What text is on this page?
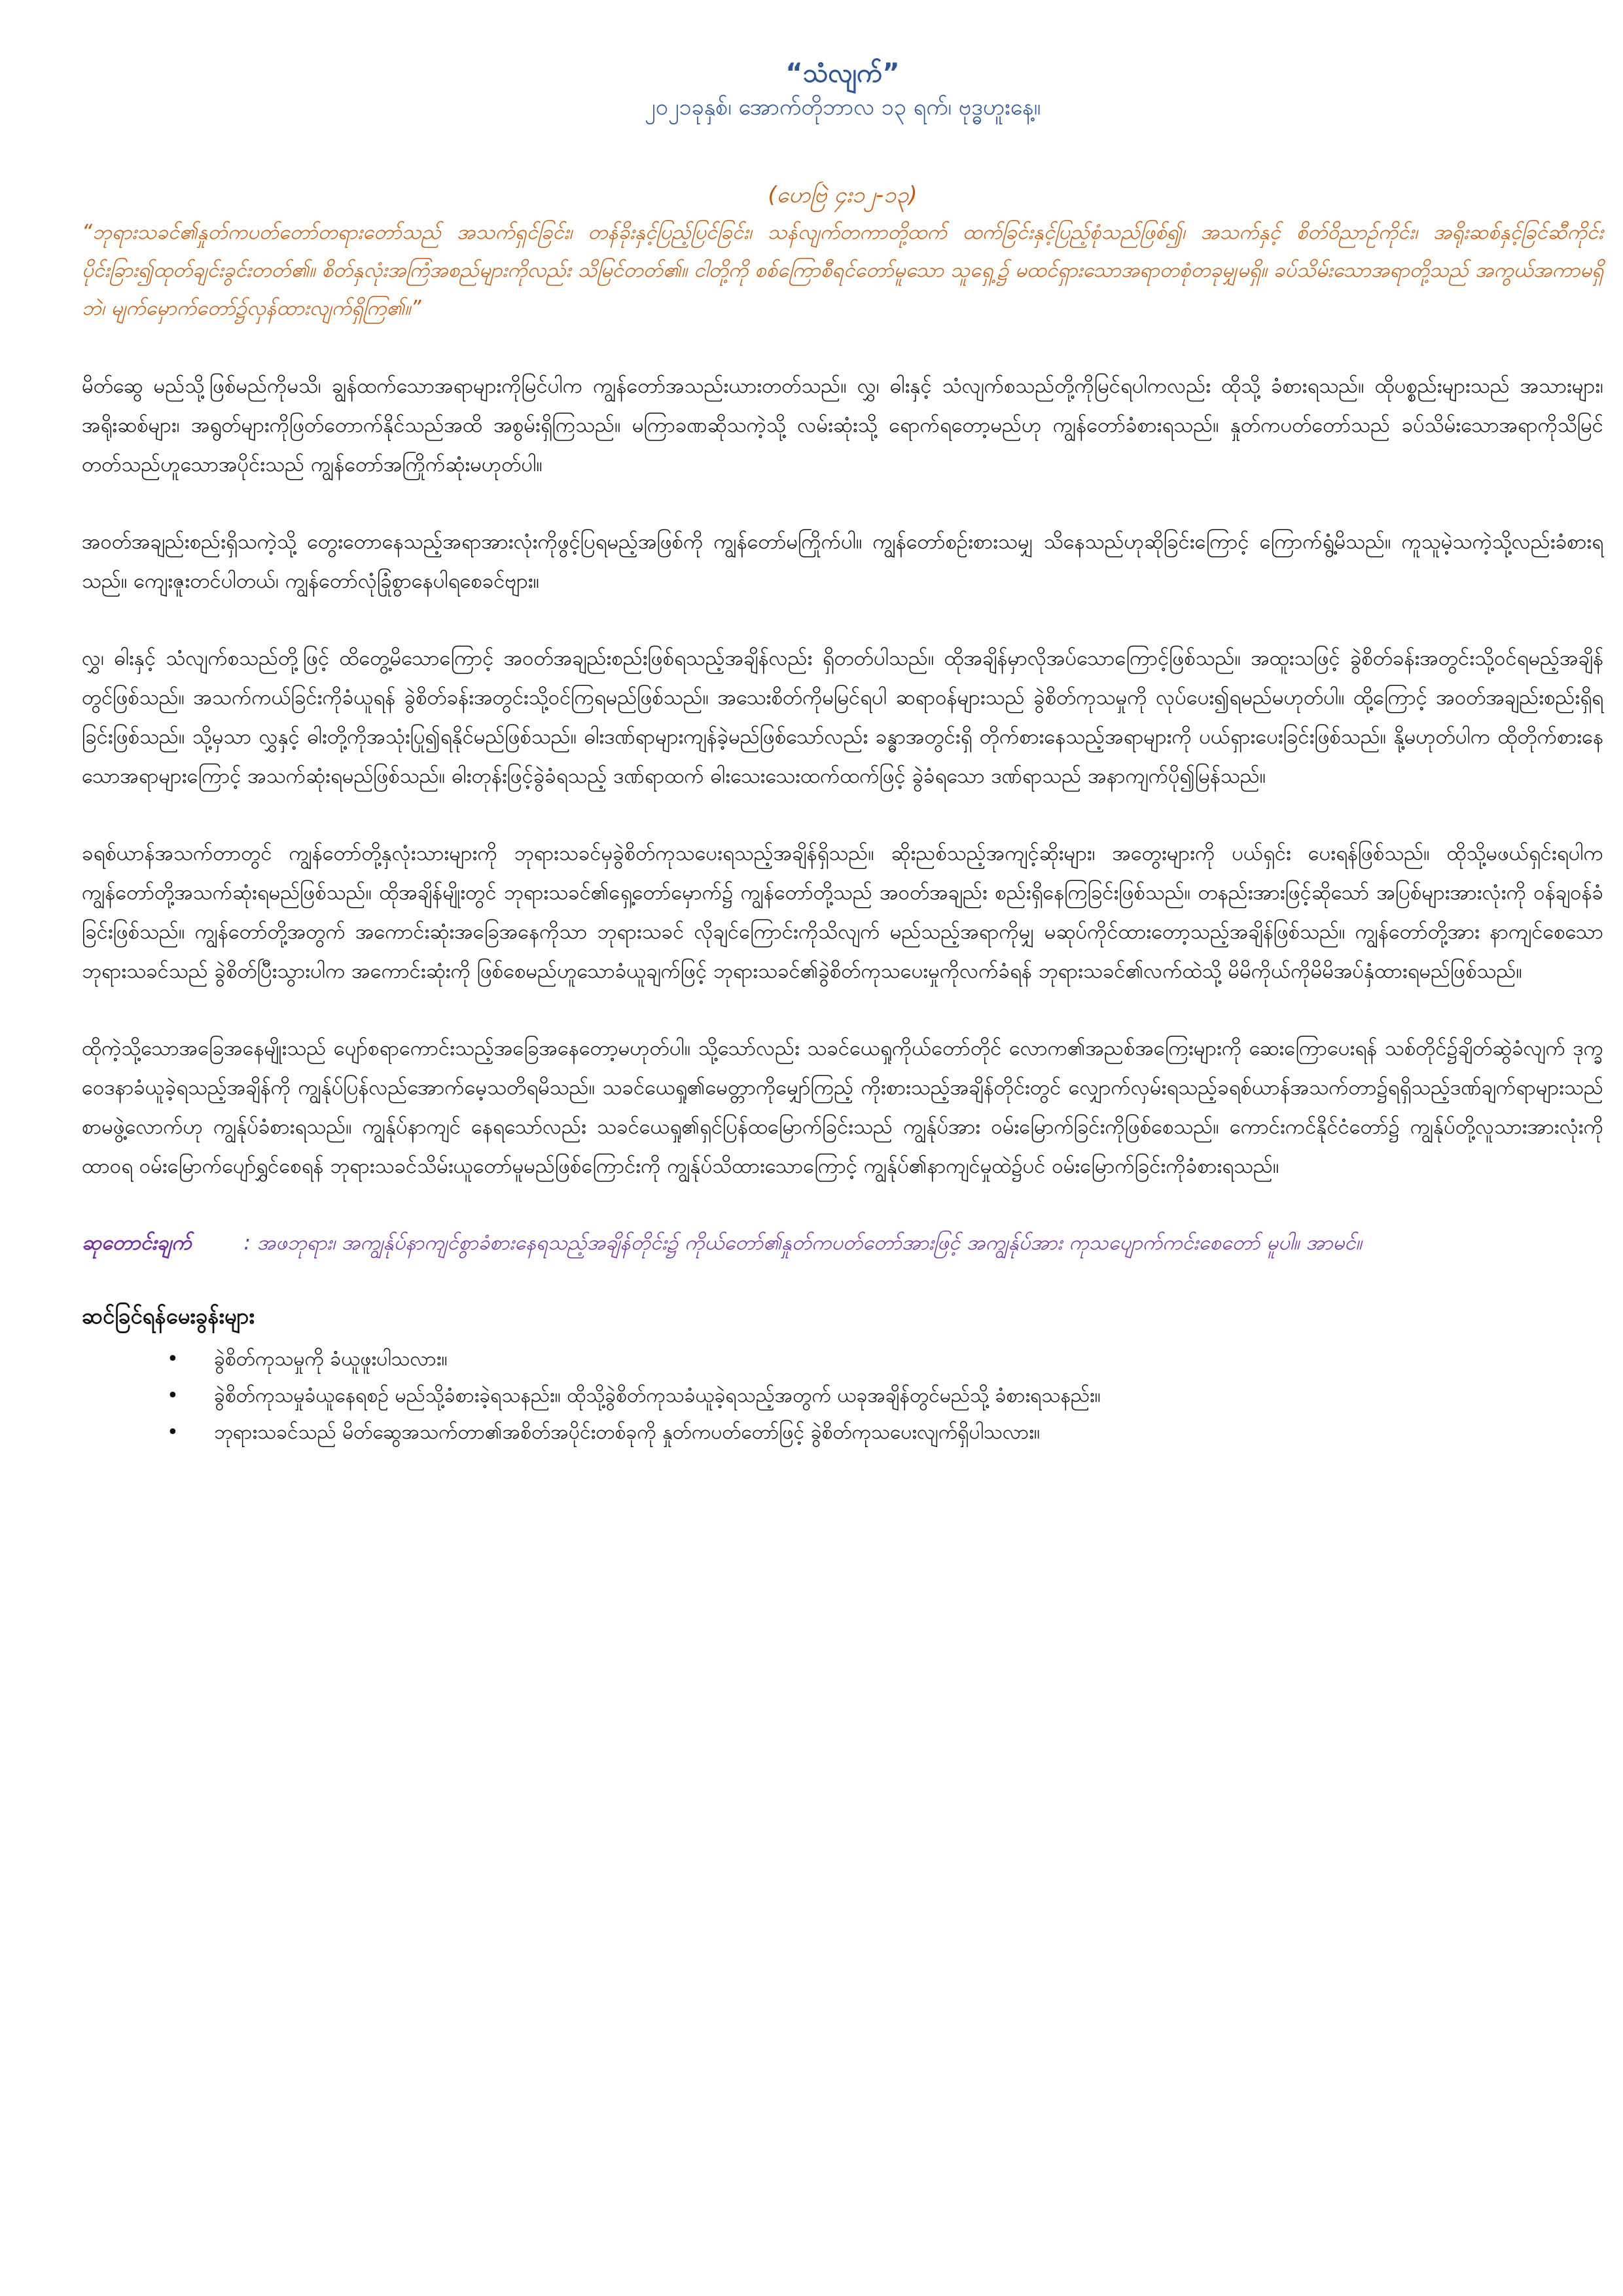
“သံလျက်”
၂၀၂၁ခုနှစ်၊ အောက်တိုဘာလ ၁၃ ရက်၊ ဗုဒ္ဓဟူးနေ့။
(ဟေဗြဲ ၄း၁၂-၁၃)
“ဘုရားသခင်၏နှုတ်ကပတ်တော်တရားတော်သည် အသက်ရှင်ခြင်း၊ တန်ခိုးနှင့်ပြည့်ပြင်ခြင်း၊ သန်လျက်တကာတို့ထက် ထက်ခြင်းနှင့်ပြည့်စုံသည်ဖြစ်၍၊ အသက်နှင့် စိတ်ဝိညာဉ်ကိုင်း၊ အရိုးဆစ်နှင့်ခြင်ဆီကိုင်း ပိုင်းခြား၍ထုတ်ချင်းခွင်းတတ်၏။ စိတ်နှလုံးအကြံအစည်များကိုလည်း သိမြင်တတ်၏။ ငါတို့ကို စစ်ကြောစီရင်တော်မူသော သူရှေ့၌ မထင်ရှားသောအရာတစုံတခုမျှမရှိ။ ခပ်သိမ်းသောအရာတို့သည် အကွယ်အကာမရှိဘဲ၊ မျက်မှောက်တော်၌လှန်ထားလျက်ရှိကြ၏။”
မိတ်ဆွေ မည်သို့ဖြစ်မည်ကိုမသိ၊ ချွန်ထက်သောအရာများကိုမြင်ပါက ကျွန်တော်အသည်းယားတတ်သည်။ လွှ၊ ဓါးနှင့် သံလျက်စသည်တို့ကိုမြင်ရပါကလည်း ထိုသို့ ခံစားရသည်။ ထိုပစ္စည်းများသည် အသားများ၊ အရိုးဆစ်များ၊ အရွတ်များကိုဖြတ်တောက်နိုင်သည်အထိ အစွမ်းရှိကြသည်။ မကြာခဏဆိုသကဲ့သို့ လမ်းဆုံးသို့ ရောက်ရတော့မည်ဟု ကျွန်တော်ခံစားရသည်။ နှုတ်ကပတ်တော်သည် ခပ်သိမ်းသောအရာကိုသိမြင်တတ်သည်ဟူသောအပိုင်းသည် ကျွန်တော်အကြိုက်ဆုံးမဟုတ်ပါ။
အဝတ်အချည်းစည်းရှိသကဲ့သို့ တွေးတောနေသည့်အရာအားလုံးကိုဖွင့်ပြရမည့်အဖြစ်ကို ကျွန်တော်မကြိုက်ပါ။ ကျွန်တော်စဉ်းစားသမျှ သိနေသည်ဟုဆိုခြင်းကြောင့် ကြောက်ရွံ့မိသည်။ ကူသူမဲ့သကဲ့သို့လည်းခံစားရသည်။ ကျေးဇူးတင်ပါတယ်၊ ကျွန်တော်လုံခြုံစွာနေပါရစေခင်ဗျား။
လွှ၊ ဓါးနှင့် သံလျက်စသည်တို့ဖြင့် ထိတွေ့မိသောကြောင့် အဝတ်အချည်းစည်းဖြစ်ရသည့်အချိန်လည်း ရှိတတ်ပါသည်။ ထိုအချိန်မှာလိုအပ်သောကြောင့်ဖြစ်သည်။ အထူးသဖြင့် ခွဲစိတ်ခန်းအတွင်းသို့ဝင်ရမည့်အချိန်တွင်ဖြစ်သည်။ အသက်ကယ်ခြင်းကိုခံယူရန် ခွဲစိတ်ခန်းအတွင်းသို့ဝင်ကြရမည်ဖြစ်သည်။ အသေးစိတ်ကိုမမြင်ရပါ ဆရာဝန်များသည် ခွဲစိတ်ကုသမှုကို လုပ်ပေး၍ရမည်မဟုတ်ပါ။ ထို့ကြောင့် အဝတ်အချည်းစည်းရှိရခြင်းဖြစ်သည်။ သို့မှသာ လွှနှင့် ဓါးတို့ကိုအသုံးပြု၍ရနိုင်မည်ဖြစ်သည်။ ဓါးဒဏ်ရာများကျန်ခဲ့မည်ဖြစ်သော်လည်း ခန္ဓာအတွင်းရှိ တိုက်စားနေသည့်အရာများကို ပယ်ရှားပေးခြင်းဖြစ်သည်။ နို့မဟုတ်ပါက ထိုတိုက်စားနေသောအရာများကြောင့် အသက်ဆုံးရမည်ဖြစ်သည်။ ဓါးတုန်းဖြင့်ခွဲခံရသည့် ဒဏ်ရာထက် ဓါးသေးသေးထက်ထက်ဖြင့် ခွဲခံရသော ဒဏ်ရာသည် အနာကျက်ပို၍မြန်သည်။
ခရစ်ယာန်အသက်တာတွင် ကျွန်တော်တို့နှလုံးသားများကို ဘုရားသခင်မှခွဲစိတ်ကုသပေးရသည့်အချိန်ရှိသည်။ ဆိုးညစ်သည့်အကျင့်ဆိုးများ၊ အတွေးများကို ပယ်ရှင်း ပေးရန်ဖြစ်သည်။ ထိုသို့မဖယ်ရှင်းရပါက ကျွန်တော်တို့အသက်ဆုံးရမည်ဖြစ်သည်။ ထိုအချိန်မျိုးတွင် ဘုရားသခင်၏ရှေ့တော်မှောက်၌ ကျွန်တော်တို့သည် အဝတ်အချည်း စည်းရှိနေကြခြင်းဖြစ်သည်။ တနည်းအားဖြင့်ဆိုသော် အပြစ်များအားလုံးကို ဝန်ချဝန်ခံခြင်းဖြစ်သည်။ ကျွန်တော်တို့အတွက် အကောင်းဆုံးအခြေအနေကိုသာ ဘုရားသခင် လိုချင်ကြောင်းကိုသိလျက် မည်သည့်အရာကိုမျှ မဆုပ်ကိုင်ထားတော့သည့်အချိန်ဖြစ်သည်။ ကျွန်တော်တို့အား နာကျင်စေသောဘုရားသခင်သည် ခွဲစိတ်ပြီးသွားပါက အကောင်းဆုံးကို ဖြစ်စေမည်ဟူသောခံယူချက်ဖြင့် ဘုရားသခင်၏ခွဲစိတ်ကုသပေးမှုကိုလက်ခံရန် ဘုရားသခင်၏လက်ထဲသို့ မိမိကိုယ်ကိုမိမိအပ်နှံထားရမည်ဖြစ်သည်။
ထိုကဲ့သို့သောအခြေအနေမျိုးသည် ပျော်စရာကောင်းသည့်အခြေအနေတော့မဟုတ်ပါ။ သို့သော်လည်း သခင်ယေရှုကိုယ်တော်တိုင် လောက၏အညစ်အကြေးများကို ဆေးကြောပေးရန် သစ်တိုင်၌ချိတ်ဆွဲခံလျက် ဒုက္ခဝေဒနာခံယူခဲ့ရသည့်အချိန်ကို ကျွန်ုပ်ပြန်လည်အောက်မေ့သတိရမိသည်။ သခင်ယေရှု၏မေတ္တာကိုမျှော်ကြည့် ကိုးစားသည့်အချိန်တိုင်းတွင် လျှောက်လှမ်းရသည့်ခရစ်ယာန်အသက်တာ၌ရရှိသည့်ဒဏ်ချက်ရာများသည် စာမဖွဲ့လောက်ဟု ကျွန်ုပ်ခံစားရသည်။ ကျွန်ုပ်နာကျင် နေရသော်လည်း သခင်ယေရှု၏ရှင်ပြန်ထမြောက်ခြင်းသည် ကျွန်ုပ်အား ဝမ်းမြောက်ခြင်းကိုဖြစ်စေသည်။ ကောင်းကင်နိုင်ငံတော်၌ ကျွန်ုပ်တို့လူသားအားလုံးကို ထာဝရ ဝမ်းမြောက်ပျော်ရွှင်စေရန် ဘုရားသခင်သိမ်းယူတော်မူမည်ဖြစ်ကြောင်းကို ကျွန်ုပ်သိထားသောကြောင့် ကျွန်ုပ်၏နာကျင်မှုထဲ၌ပင် ဝမ်းမြောက်ခြင်းကိုခံစားရသည်။
ဆုတောင်းချက်	: အဖဘုရား၊ အကျွန်ုပ်နာကျင်စွာခံစားနေရသည့်အချိန်တိုင်း၌ ကိုယ်တော်၏နှုတ်ကပတ်တော်အားဖြင့် အကျွန်ုပ်အား ကုသပျောက်ကင်းစေတော် မူပါ။ အာမင်။
ဆင်ခြင်ရန်မေးခွန်းများ
• ခွဲစိတ်ကုသမှုကို ခံယူဖူးပါသလား။
• ခွဲစိတ်ကုသမှုခံယူနေရစဉ် မည်သို့ခံစားခဲ့ရသနည်း။ ထိုသို့ခွဲစိတ်ကုသခံယူခဲ့ရသည့်အတွက် ယခုအချိန်တွင်မည်သို့ ခံစားရသနည်း။
• ဘုရားသခင်သည် မိတ်ဆွေအသက်တာ၏အစိတ်အပိုင်းတစ်ခုကို နှုတ်ကပတ်တော်ဖြင့် ခွဲစိတ်ကုသပေးလျက်ရှိပါသလား။
